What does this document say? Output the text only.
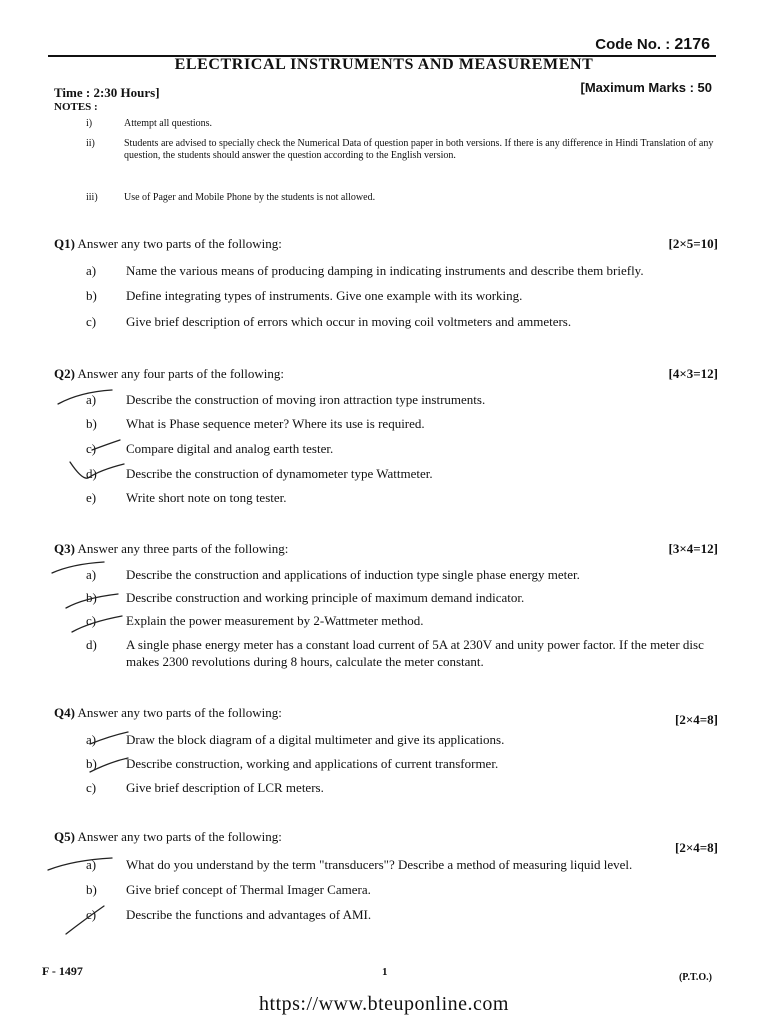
Code No. : 2176
ELECTRICAL INSTRUMENTS AND MEASUREMENT
Time : 2:30 Hours]	[Maximum Marks : 50
NOTES :
i)	Attempt all questions.
ii)	Students are advised to specially check the Numerical Data of question paper in both versions. If there is any difference in Hindi Translation of any question, the students should answer the question according to the English version.
iii)	Use of Pager and Mobile Phone by the students is not allowed.
Q1) Answer any two parts of the following:	[2×5=10]
a) Name the various means of producing damping in indicating instruments and describe them briefly.
b) Define integrating types of instruments. Give one example with its working.
c) Give brief description of errors which occur in moving coil voltmeters and ammeters.
Q2) Answer any four parts of the following:	[4×3=12]
a) Describe the construction of moving iron attraction type instruments.
b) What is Phase sequence meter? Where its use is required.
c) Compare digital and analog earth tester.
d) Describe the construction of dynamometer type Wattmeter.
e) Write short note on tong tester.
Q3) Answer any three parts of the following:	[3×4=12]
a) Describe the construction and applications of induction type single phase energy meter.
b) Describe construction and working principle of maximum demand indicator.
c) Explain the power measurement by 2-Wattmeter method.
d) A single phase energy meter has a constant load current of 5A at 230V and unity power factor. If the meter disc makes 2300 revolutions during 8 hours, calculate the meter constant.
Q4) Answer any two parts of the following:	[2×4=8]
a) Draw the block diagram of a digital multimeter and give its applications.
b) Describe construction, working and applications of current transformer.
c) Give brief description of LCR meters.
Q5) Answer any two parts of the following:
[2×4=8]
a) What do you understand by the term "transducers"? Describe a method of measuring liquid level.
b) Give brief concept of Thermal Imager Camera.
c) Describe the functions and advantages of AMI.
F - 1497	1	(P.T.O.)
https://www.bteuponline.com
